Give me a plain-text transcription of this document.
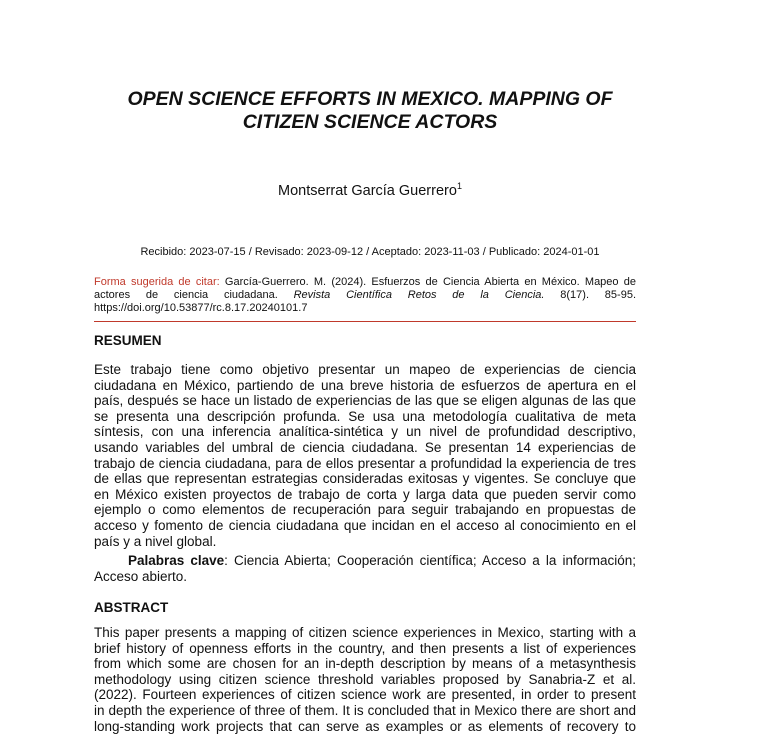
OPEN SCIENCE EFFORTS IN MEXICO. MAPPING OF
CITIZEN SCIENCE ACTORS

Montserrat García Guerrero$^1$

Recibido: 2023-07-15 / Revisado: 2023-09-12 / Aceptado: 2023-11-03 / Publicado: 2024-01-01

Forma sugerida de citar: García-Guerrero. M. (2024). Esfuerzos de Ciencia Abierta en México. Mapeo de
actores de ciencia ciudadana. Revista Científica Retos de la Ciencia. 8(17). 85-95.
https://doi.org/10.53877/rc.8.17.20240101.7

RESUMEN

Este trabajo tiene como objetivo presentar un mapeo de experiencias de ciencia
ciudadana en México, partiendo de una breve historia de esfuerzos de apertura en el
país, después se hace un listado de experiencias de las que se eligen algunas de las que
se presenta una descripción profunda. Se usa una metodología cualitativa de meta
síntesis, con una inferencia analítica-sintética y un nivel de profundidad descriptivo,
usando variables del umbral de ciencia ciudadana. Se presentan 14 experiencias de
trabajo de ciencia ciudadana, para de ellos presentar a profundidad la experiencia de tres
de ellas que representan estrategias consideradas exitosas y vigentes. Se concluye que
en México existen proyectos de trabajo de corta y larga data que pueden servir como
ejemplo o como elementos de recuperación para seguir trabajando en propuestas de
acceso y fomento de ciencia ciudadana que incidan en el acceso al conocimiento en el
país y a nivel global.

Palabras clave: Ciencia Abierta; Cooperación científica; Acceso a la información;
Acceso abierto.

ABSTRACT

This paper presents a mapping of citizen science experiences in Mexico, starting with a
brief history of openness efforts in the country, and then presents a list of experiences
from which some are chosen for an in-depth description by means of a metasynthesis
methodology using citizen science threshold variables proposed by Sanabria-Z et al.
(2022). Fourteen experiences of citizen science work are presented, in order to present
in depth the experience of three of them. It is concluded that in Mexico there are short and
long-standing work projects that can serve as examples or as elements of recovery to
